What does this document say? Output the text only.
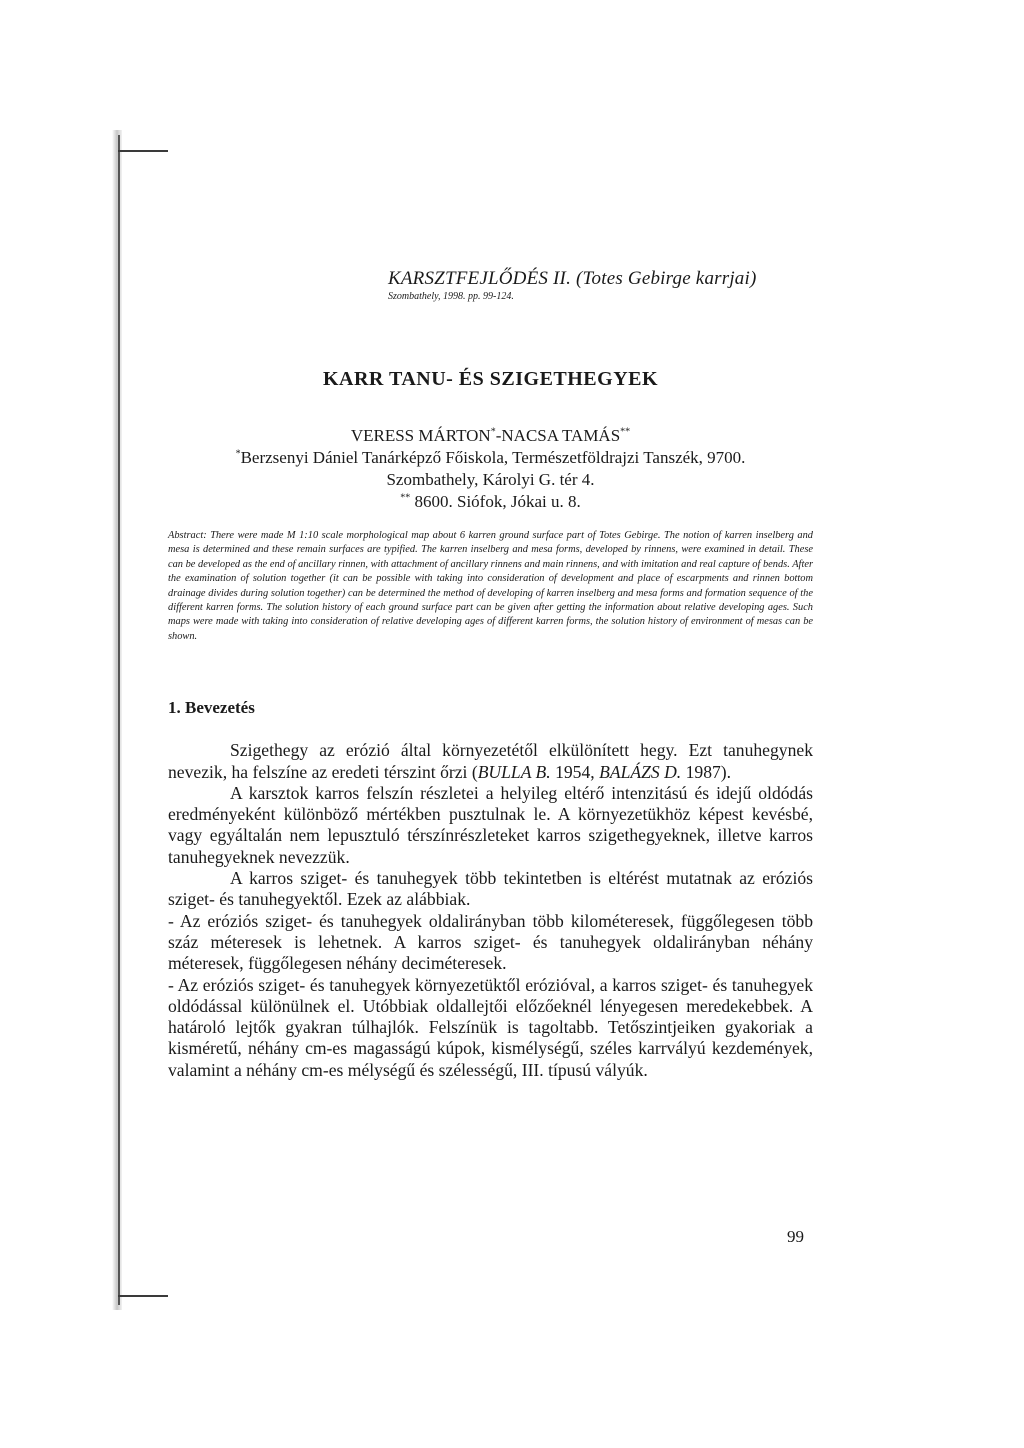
KARSZTFEJLŐDÉS II. (Totes Gebirge karrjai)
Szombathely, 1998. pp. 99-124.
KARR TANU- ÉS SZIGETHEGYEK
VERESS MÁRTON*-NACSA TAMÁS**
*Berzsenyi Dániel Tanárképző Főiskola, Természetföldrajzi Tanszék, 9700.
Szombathely, Károlyi G. tér 4.
** 8600. Siófok, Jókai u. 8.
Abstract: There were made M 1:10 scale morphological map about 6 karren ground surface part of Totes Gebirge. The notion of karren inselberg and mesa is determined and these remain surfaces are typified. The karren inselberg and mesa forms, developed by rinnens, were examined in detail. These can be developed as the end of ancillary rinnen, with attachment of ancillary rinnens and main rinnens, and with imitation and real capture of bends. After the examination of solution together (it can be possible with taking into consideration of development and place of escarpments and rinnen bottom drainage divides during solution together) can be determined the method of developing of karren inselberg and mesa forms and formation sequence of the different karren forms. The solution history of each ground surface part can be given after getting the information about relative developing ages. Such maps were made with taking into consideration of relative developing ages of different karren forms, the solution history of environment of mesas can be shown.
1. Bevezetés

Szigethegy az erózió által környezetétől elkülönített hegy. Ezt tanuhegynek nevezik, ha felszíne az eredeti térszint őrzi (BULLA B. 1954, BALÁZS D. 1987).

A karsztok karros felszín részletei a helyileg eltérő intenzitású és idejű oldódás eredményeként különböző mértékben pusztulnak le. A környezetükhöz képest kevésbé, vagy egyáltalán nem lepusztuló térszínrészleteket karros szigethegyeknek, illetve karros tanuhegyeknek nevezzük.

A karros sziget- és tanuhegyek több tekintetben is eltérést mutatnak az eróziós sziget- és tanuhegyektől. Ezek az alábbiak.

- Az eróziós sziget- és tanuhegyek oldalirányban több kilométeresek, függőlegesen több száz méteresek is lehetnek. A karros sziget- és tanuhegyek oldalirányban néhány méteresek, függőlegesen néhány deciméteresek.

- Az eróziós sziget- és tanuhegyek környezetüktől erózióval, a karros sziget- és tanuhegyek oldódással különülnek el. Utóbbiak oldallejtői előzőeknél lényegesen meredekebbek. A határoló lejtők gyakran túlhajlók. Felszínük is tagoltabb. Tetőszintjeiken gyakoriak a kisméretű, néhány cm-es magasságú kúpok, kismélységű, széles karrvályú kezdemények, valamint a néhány cm-es mélységű és szélességű, III. típusú vályúk.

99
